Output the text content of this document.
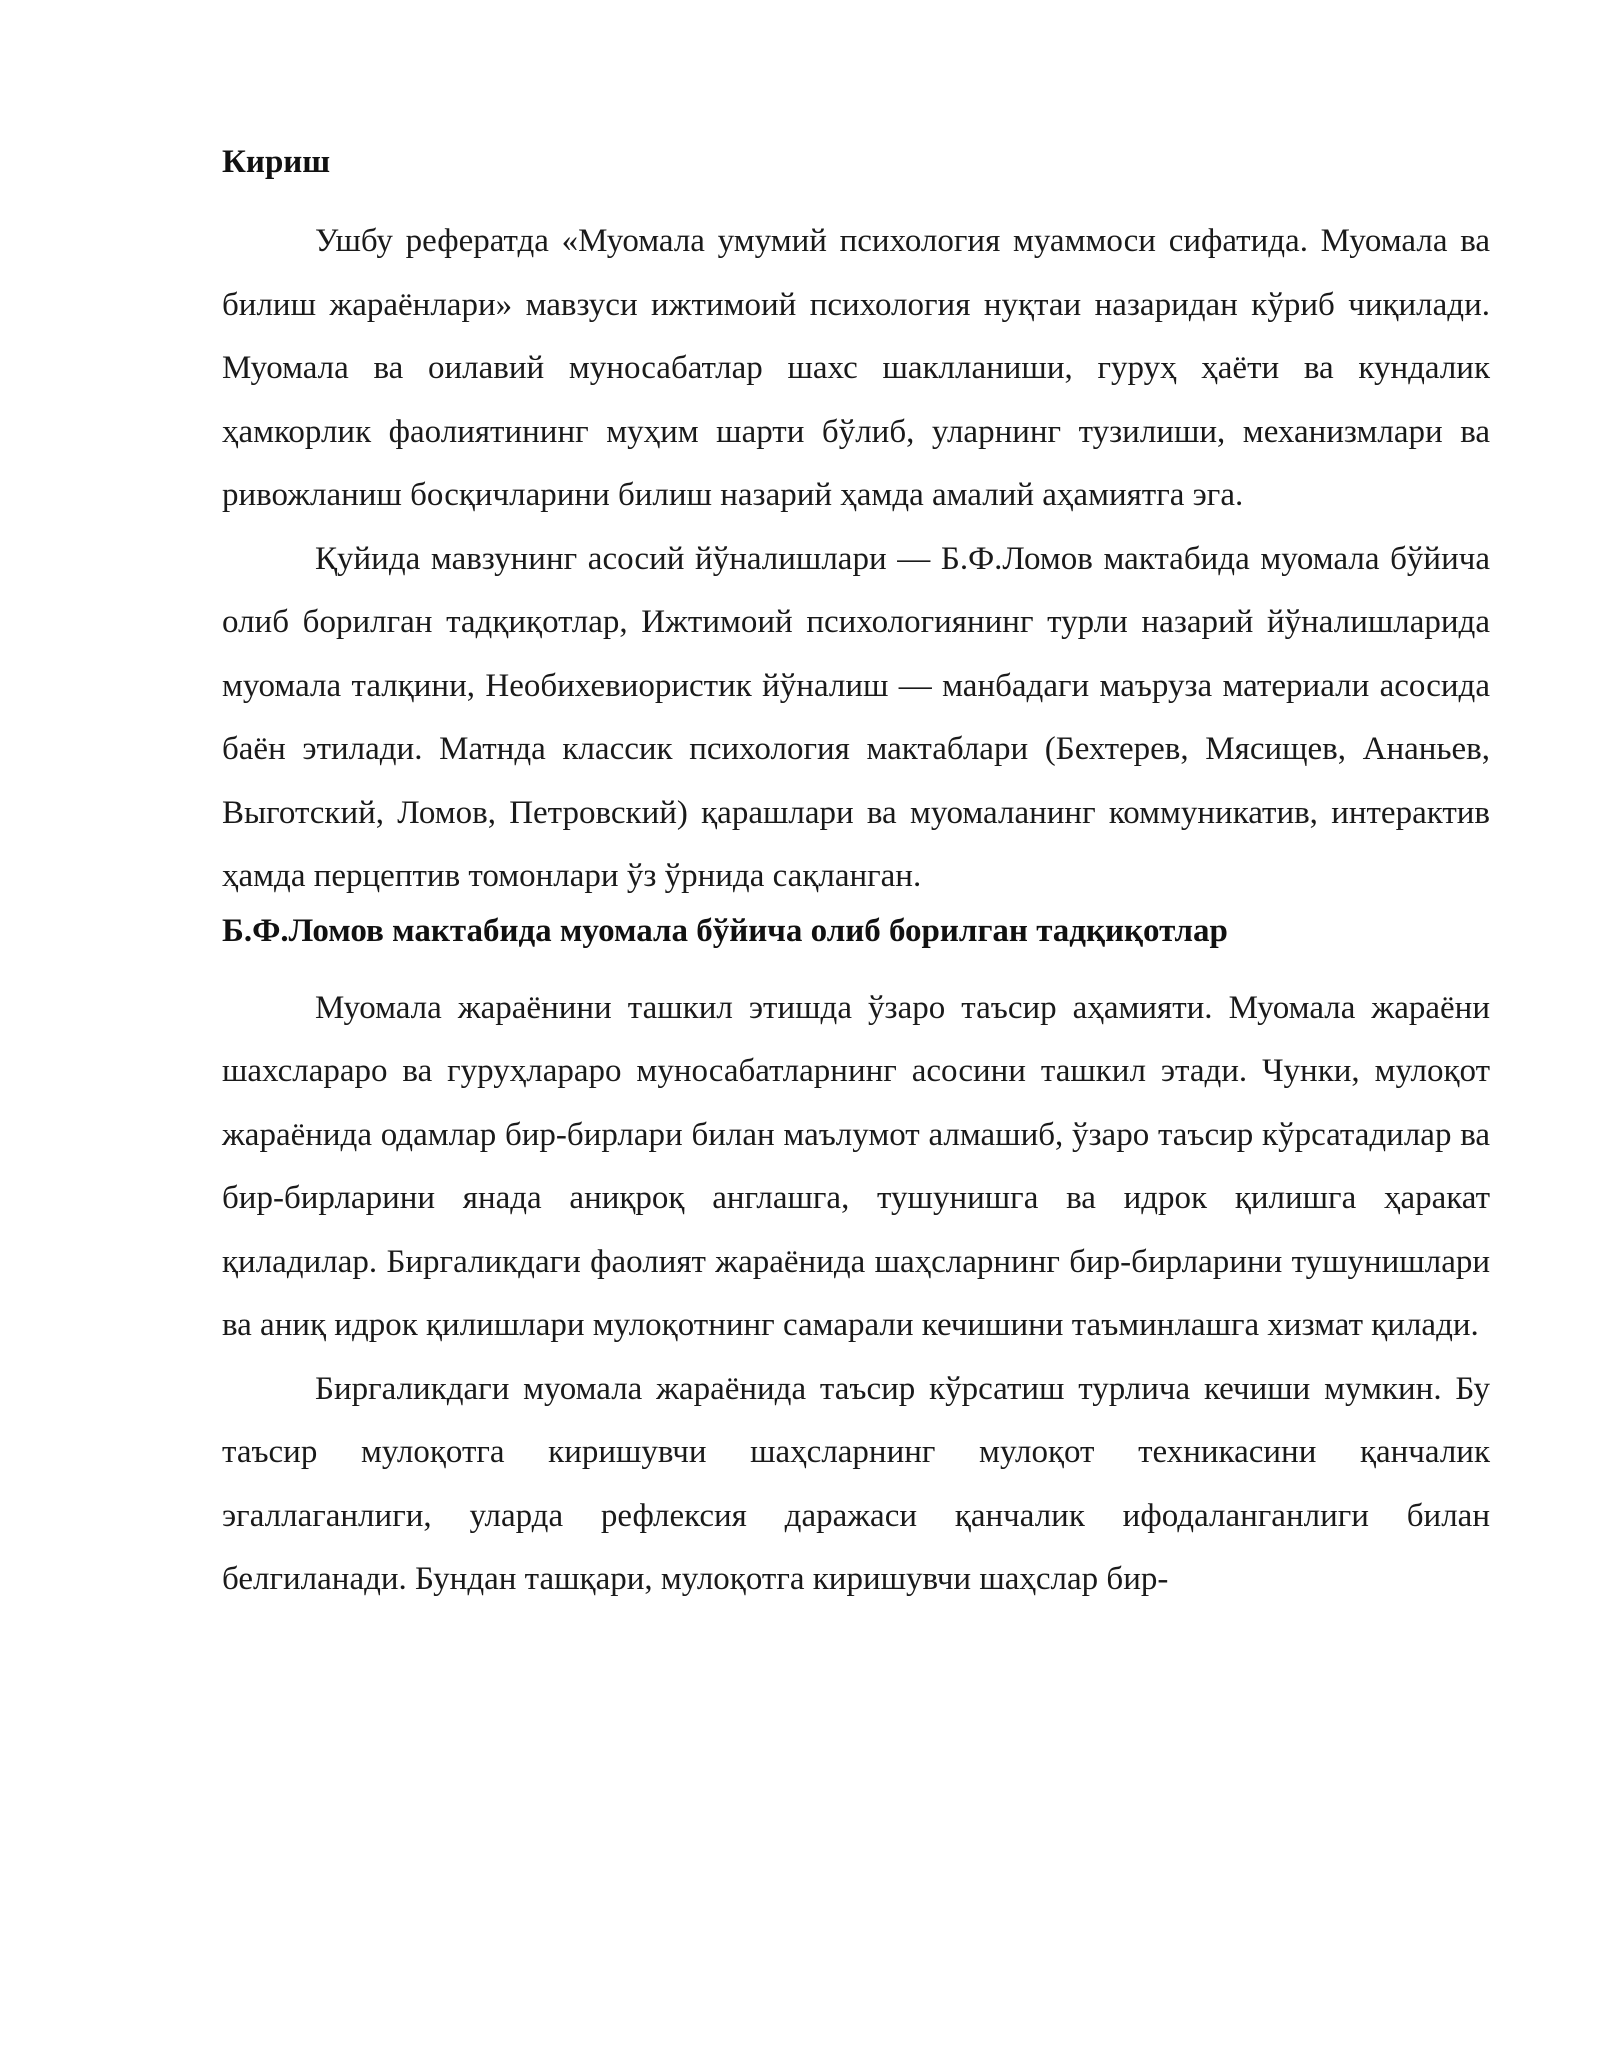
Кириш

Ушбу рефератда «Муомала умумий психология муаммоси сифатида. Муомала ва билиш жараёнлари» мавзуси ижтимоий психология нуқтаи назаридан кўриб чиқилади. Муомала ва оилавий муносабатлар шахс шаклланиши, гуруҳ ҳаёти ва кундалик ҳамкорлик фаолиятининг муҳим шарти бўлиб, уларнинг тузилиши, механизмлари ва ривожланиш босқичларини билиш назарий ҳамда амалий аҳамиятга эга.

Қуйида мавзунинг асосий йўналишлари — Б.Ф.Ломов мактабида муомала бўйича олиб борилган тадқиқотлар, Ижтимоий психологиянинг турли назарий йўналишларида муомала талқини, Необихевиористик йўналиш — манбадаги маъруза материали асосида баён этилади. Матнда классик психология мактаблари (Бехтерев, Мясищев, Ананьев, Выготский, Ломов, Петровский) қарашлари ва муомаланинг коммуникатив, интерактив ҳамда перцептив томонлари ўз ўрнида сақланган.

Б.Ф.Ломов мактабида муомала бўйича олиб борилган тадқиқотлар

Муомала жараёнини ташкил этишда ўзаро таъсир аҳамияти. Муомала жараёни шахслараро ва гуруҳлараро муносабатларнинг асосини ташкил этади. Чунки, мулоқот жараёнида одамлар бир-бирлари билан маълумот алмашиб, ўзаро таъсир кўрсатадилар ва бир-бирларини янада аниқроқ англашга, тушунишга ва идрок қилишга ҳаракат қиладилар. Биргаликдаги фаолият жараёнида шаҳсларнинг бир-бирларини тушунишлари ва аниқ идрок қилишлари мулоқотнинг самарали кечишини таъминлашга хизмат қилади.

Биргаликдаги муомала жараёнида таъсир кўрсатиш турлича кечиши мумкин. Бу таъсир мулоқотга киришувчи шаҳсларнинг мулоқот техникасини қанчалик эгаллаганлиги, уларда рефлексия даражаси қанчалик ифодаланганлиги билан белгиланади. Бундан ташқари, мулоқотга киришувчи шаҳслар бир-
